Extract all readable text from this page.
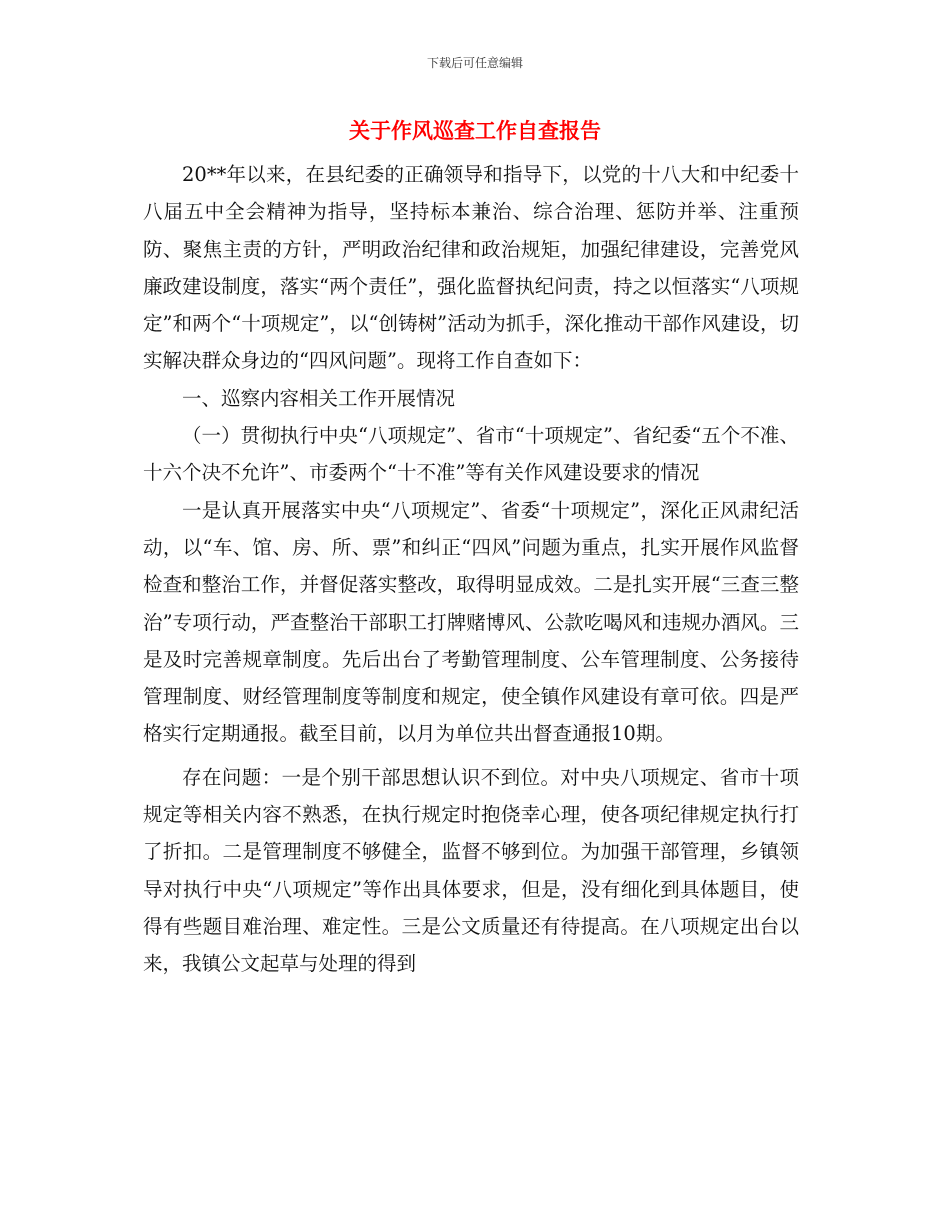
下载后可任意编辑
关于作风巡查工作自查报告

20**年以来，在县纪委的正确领导和指导下，以党的十八大和中纪委十八届五中全会精神为指导，坚持标本兼治、综合治理、惩防并举、注重预防、聚焦主责的方针，严明政治纪律和政治规矩，加强纪律建设，完善党风廉政建设制度，落实“两个责任”，强化监督执纪问责，持之以恒落实“八项规定”和两个“十项规定”，以“创铸树”活动为抓手，深化推动干部作风建设，切实解决群众身边的“四风问题”。现将工作自查如下：

一、巡察内容相关工作开展情况

（一）贯彻执行中央“八项规定”、省市“十项规定”、省纪委“五个不准、十六个决不允许”、市委两个“十不准”等有关作风建设要求的情况

一是认真开展落实中央“八项规定”、省委“十项规定”，深化正风肃纪活动，以“车、馆、房、所、票”和纠正“四风”问题为重点，扎实开展作风监督检查和整治工作，并督促落实整改，取得明显成效。二是扎实开展“三查三整治”专项行动，严查整治干部职工打牌赌博风、公款吃喝风和违规办酒风。三是及时完善规章制度。先后出台了考勤管理制度、公车管理制度、公务接待管理制度、财经管理制度等制度和规定，使全镇作风建设有章可依。四是严格实行定期通报。截至目前，以月为单位共出督查通报10期。

存在问题：一是个别干部思想认识不到位。对中央八项规定、省市十项规定等相关内容不熟悉，在执行规定时抱侥幸心理，使各项纪律规定执行打了折扣。二是管理制度不够健全，监督不够到位。为加强干部管理，乡镇领导对执行中央“八项规定”等作出具体要求，但是，没有细化到具体题目，使得有些题目难治理、难定性。三是公文质量还有待提高。在八项规定出台以来，我镇公文起草与处理的得到
